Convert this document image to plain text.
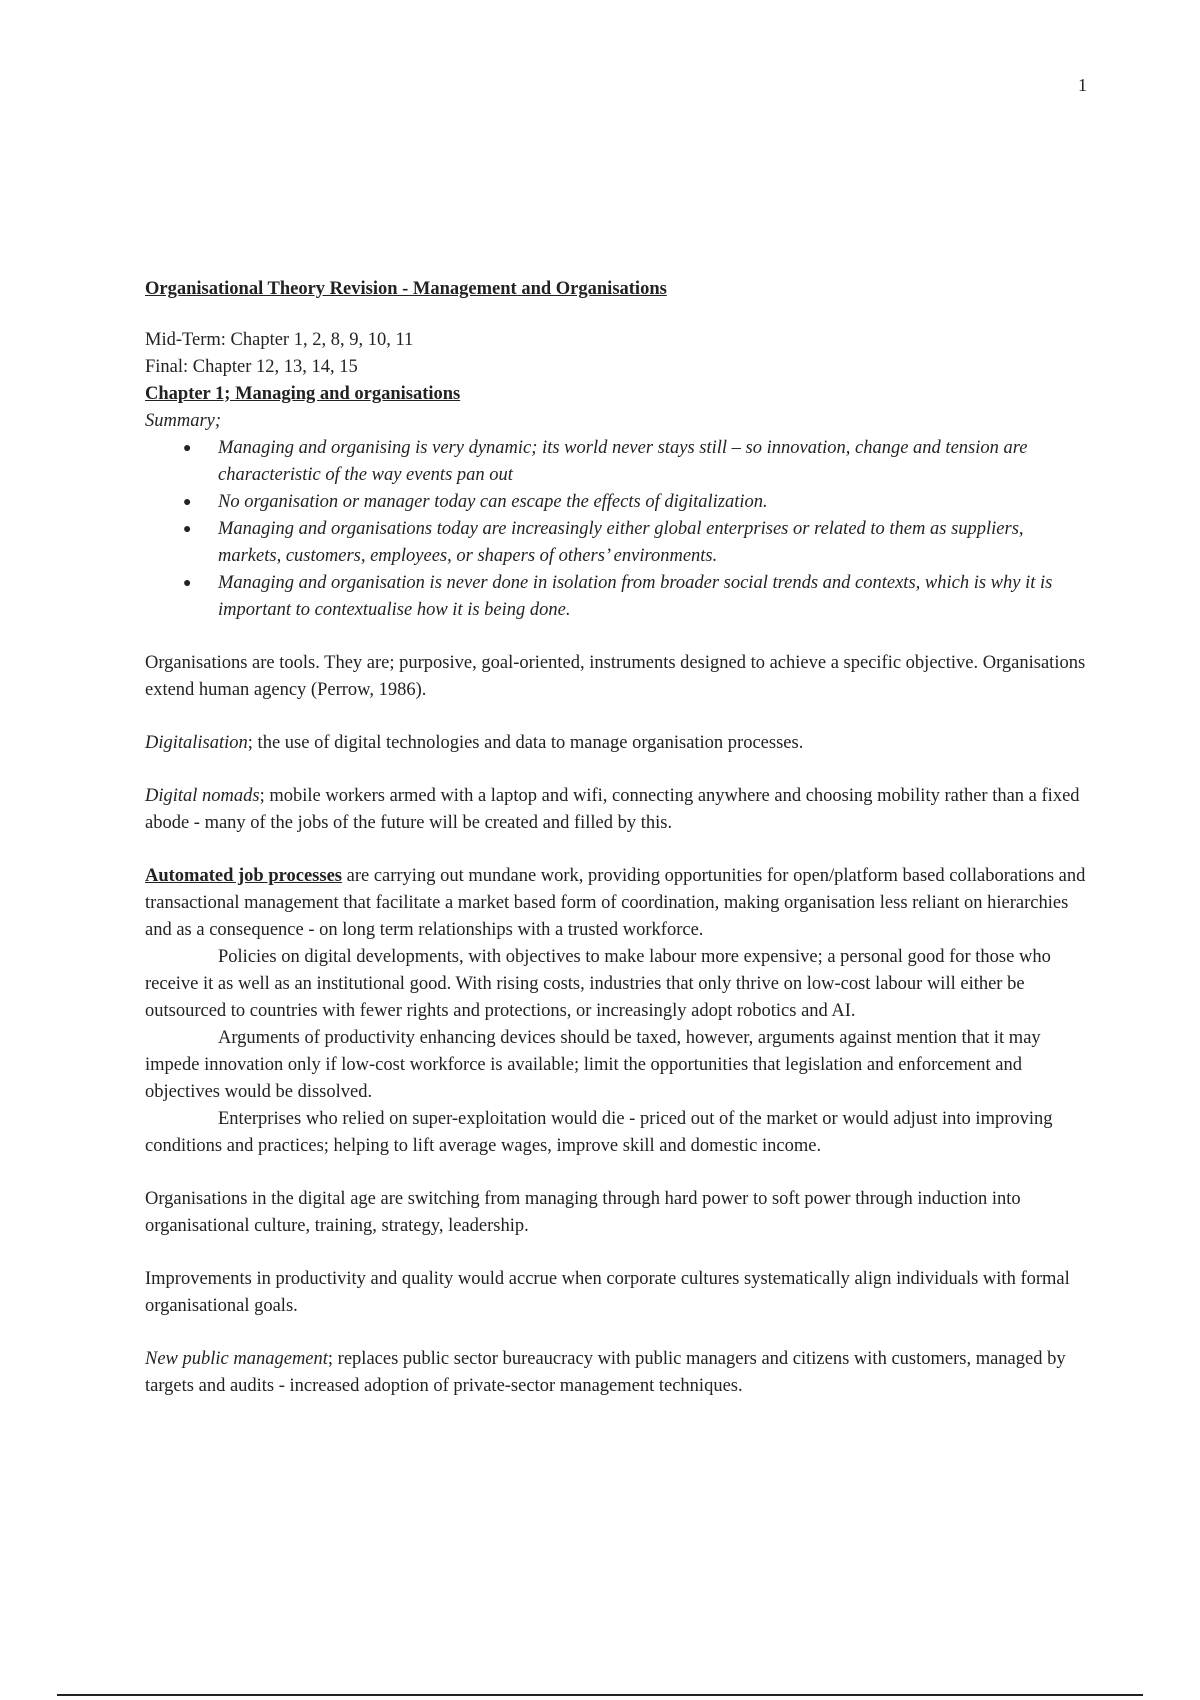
1

Organisational Theory Revision - Management and Organisations

Mid-Term: Chapter 1, 2, 8, 9, 10, 11

Final: Chapter 12, 13, 14, 15

Chapter 1; Managing and organisations

Summary;

● Managing and organising is very dynamic; its world never stays still – so innovation, change and tension are characteristic of the way events pan out
● No organisation or manager today can escape the effects of digitalization.
● Managing and organisations today are increasingly either global enterprises or related to them as suppliers, markets, customers, employees, or shapers of others’ environments.
● Managing and organisation is never done in isolation from broader social trends and contexts, which is why it is important to contextualise how it is being done.

Organisations are tools. They are; purposive, goal-oriented, instruments designed to achieve a specific objective. Organisations extend human agency (Perrow, 1986).

Digitalisation; the use of digital technologies and data to manage organisation processes.

Digital nomads; mobile workers armed with a laptop and wifi, connecting anywhere and choosing mobility rather than a fixed abode - many of the jobs of the future will be created and filled by this.

Automated job processes are carrying out mundane work, providing opportunities for open/platform based collaborations and transactional management that facilitate a market based form of coordination, making organisation less reliant on hierarchies and as a consequence - on long term relationships with a trusted workforce.

Policies on digital developments, with objectives to make labour more expensive; a personal good for those who receive it as well as an institutional good. With rising costs, industries that only thrive on low-cost labour will either be outsourced to countries with fewer rights and protections, or increasingly adopt robotics and AI.

Arguments of productivity enhancing devices should be taxed, however, arguments against mention that it may impede innovation only if low-cost workforce is available; limit the opportunities that legislation and enforcement and objectives would be dissolved.

Enterprises who relied on super-exploitation would die - priced out of the market or would adjust into improving conditions and practices; helping to lift average wages, improve skill and domestic income.

Organisations in the digital age are switching from managing through hard power to soft power through induction into organisational culture, training, strategy, leadership.

Improvements in productivity and quality would accrue when corporate cultures systematically align individuals with formal organisational goals.

New public management; replaces public sector bureaucracy with public managers and citizens with customers, managed by targets and audits - increased adoption of private-sector management techniques.
